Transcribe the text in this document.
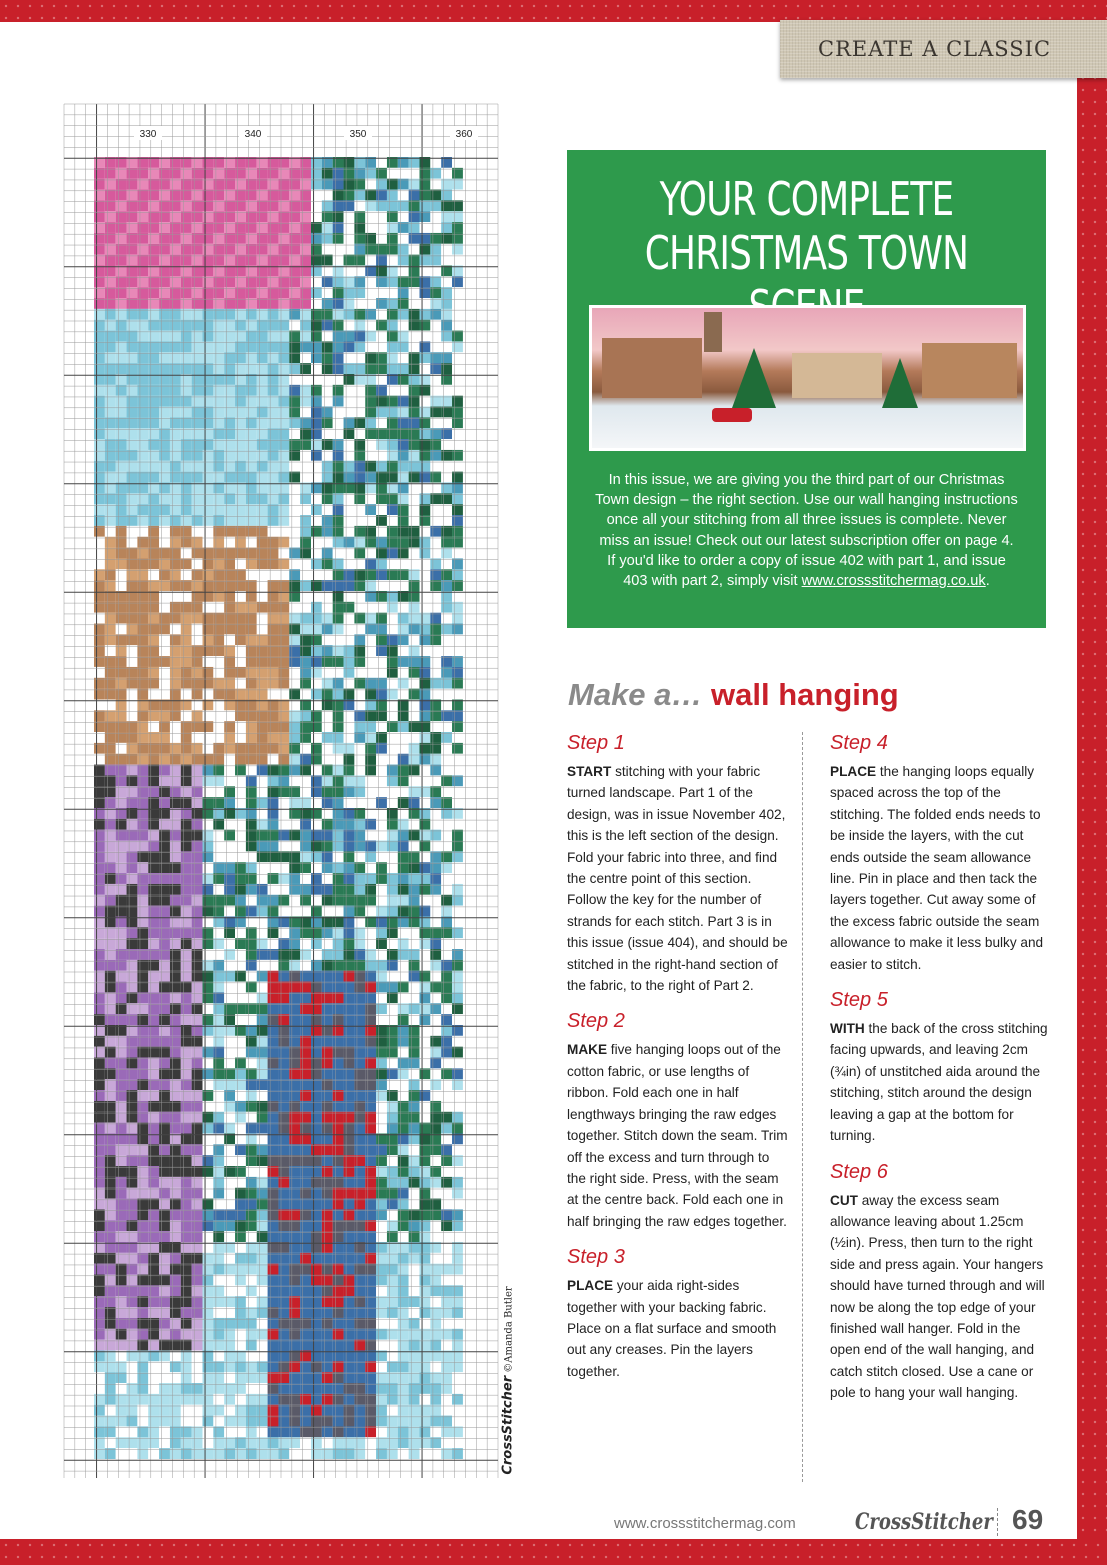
CREATE A CLASSIC
330	340	350	360
CrossStitcher ©Amanda Butler
YOUR COMPLETE
CHRISTMAS TOWN

In this issue, we are giving you the third part of our Christmas Town design – the right section. Use our wall hanging instructions once all your stitching from all three issues is complete. Never miss an issue! Check out our latest subscription offer on page 4. If you'd like to order a copy of issue 402 with part 1, and issue 403 with part 2, simply visit www.crossstitchermag.co.uk.

Make a… wall hanging
Step 1

START stitching with your fabric turned landscape. Part 1 of the design, was in issue November 402, this is the left section of the design. Fold your fabric into three, and find the centre point of this section. Follow the key for the number of strands for each stitch. Part 3 is in this issue (issue 404), and should be stitched in the right-hand section of the fabric, to the right of Part 2.

Step 2

MAKE five hanging loops out of the cotton fabric, or use lengths of ribbon. Fold each one in half lengthways bringing the raw edges together. Stitch down the seam. Trim off the excess and turn through to the right side. Press, with the seam at the centre back. Fold each one in half bringing the raw edges together.

Step 3

PLACE your aida right-sides together with your backing fabric. Place on a flat surface and smooth out any creases. Pin the layers together.

Step 4

PLACE the hanging loops equally spaced across the top of the stitching. The folded ends needs to be inside the layers, with the cut ends outside the seam allowance line. Pin in place and then tack the layers together. Cut away some of the excess fabric outside the seam allowance to make it less bulky and easier to stitch.

Step 5

WITH the back of the cross stitching facing upwards, and leaving 2cm (¾in) of unstitched aida around the stitching, stitch around the design leaving a gap at the bottom for turning.

Step 6

CUT away the excess seam allowance leaving about 1.25cm (½in). Press, then turn to the right side and press again. Your hangers should have turned through and will now be along the top edge of your finished wall hanger. Fold in the open end of the wall hanging, and catch stitch closed. Use a cane or pole to hang your wall hanging.

www.crossstitchermag.com	CrossStitcher 69
